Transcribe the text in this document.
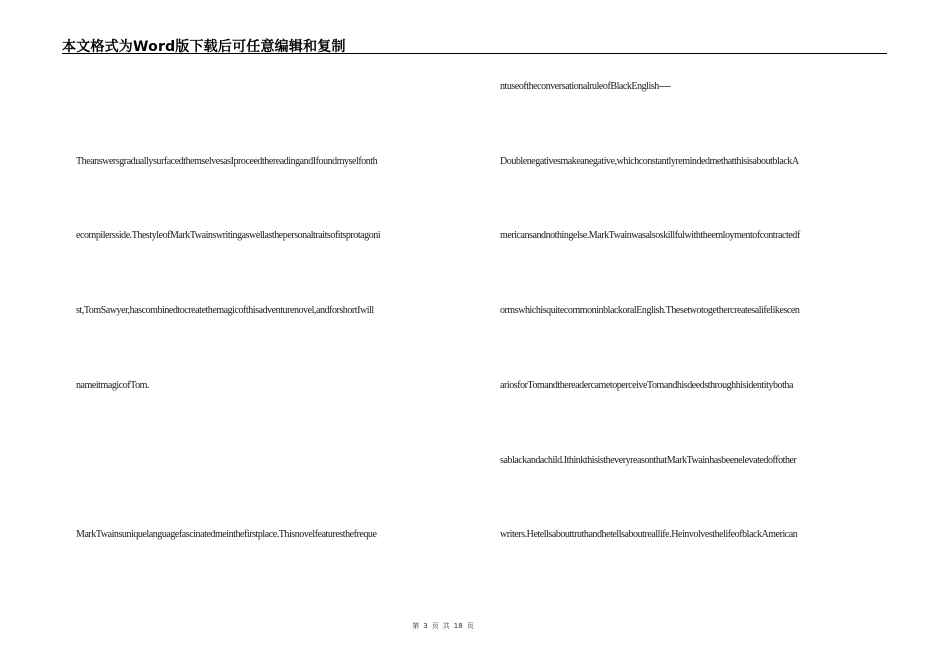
本文格式为Word版下载后可任意编辑和复制
TheanswersgraduallysurfacedthemselvesasIproceedthereadingandIfoundmyselfonth
ecompilersside.ThestyleofMarkTwainswritingaswellasthepersonaltraitsofitsprotagoni
st,TomSawyer,hascombinedtocreatethemagicofthisadventurenovel,andforshortIwill
nameitmagicofTom.
MarkTwainsuniquelanguagefascinatedmeinthefirstplace.Thisnovelfeaturesthefreque
ntuseoftheconversationalruleofBlackEnglish----
Doublenegativesmakeanegative,whichconstantlyremindedmethatthisisaboutblackA
mericansandnothingelse.MarkTwainwasalsoskillfulwiththeemloymentofcontractedf
ormswhichisquitecommoninblackoralEnglish.Thesetwotogethercreatesalifelikescen
ariosforTomandthereadercametoperceiveTomandhisdeedsthroughhisidentitybotha
sablackandachild.IthinkthisistheveryreasonthatMarkTwainhasbeenelevatedoffother
writers.Hetellsabouttruthandhetellsaboutreallife.HeinvolvesthelifeofblackAmerican
第 3 页 共 18 页
